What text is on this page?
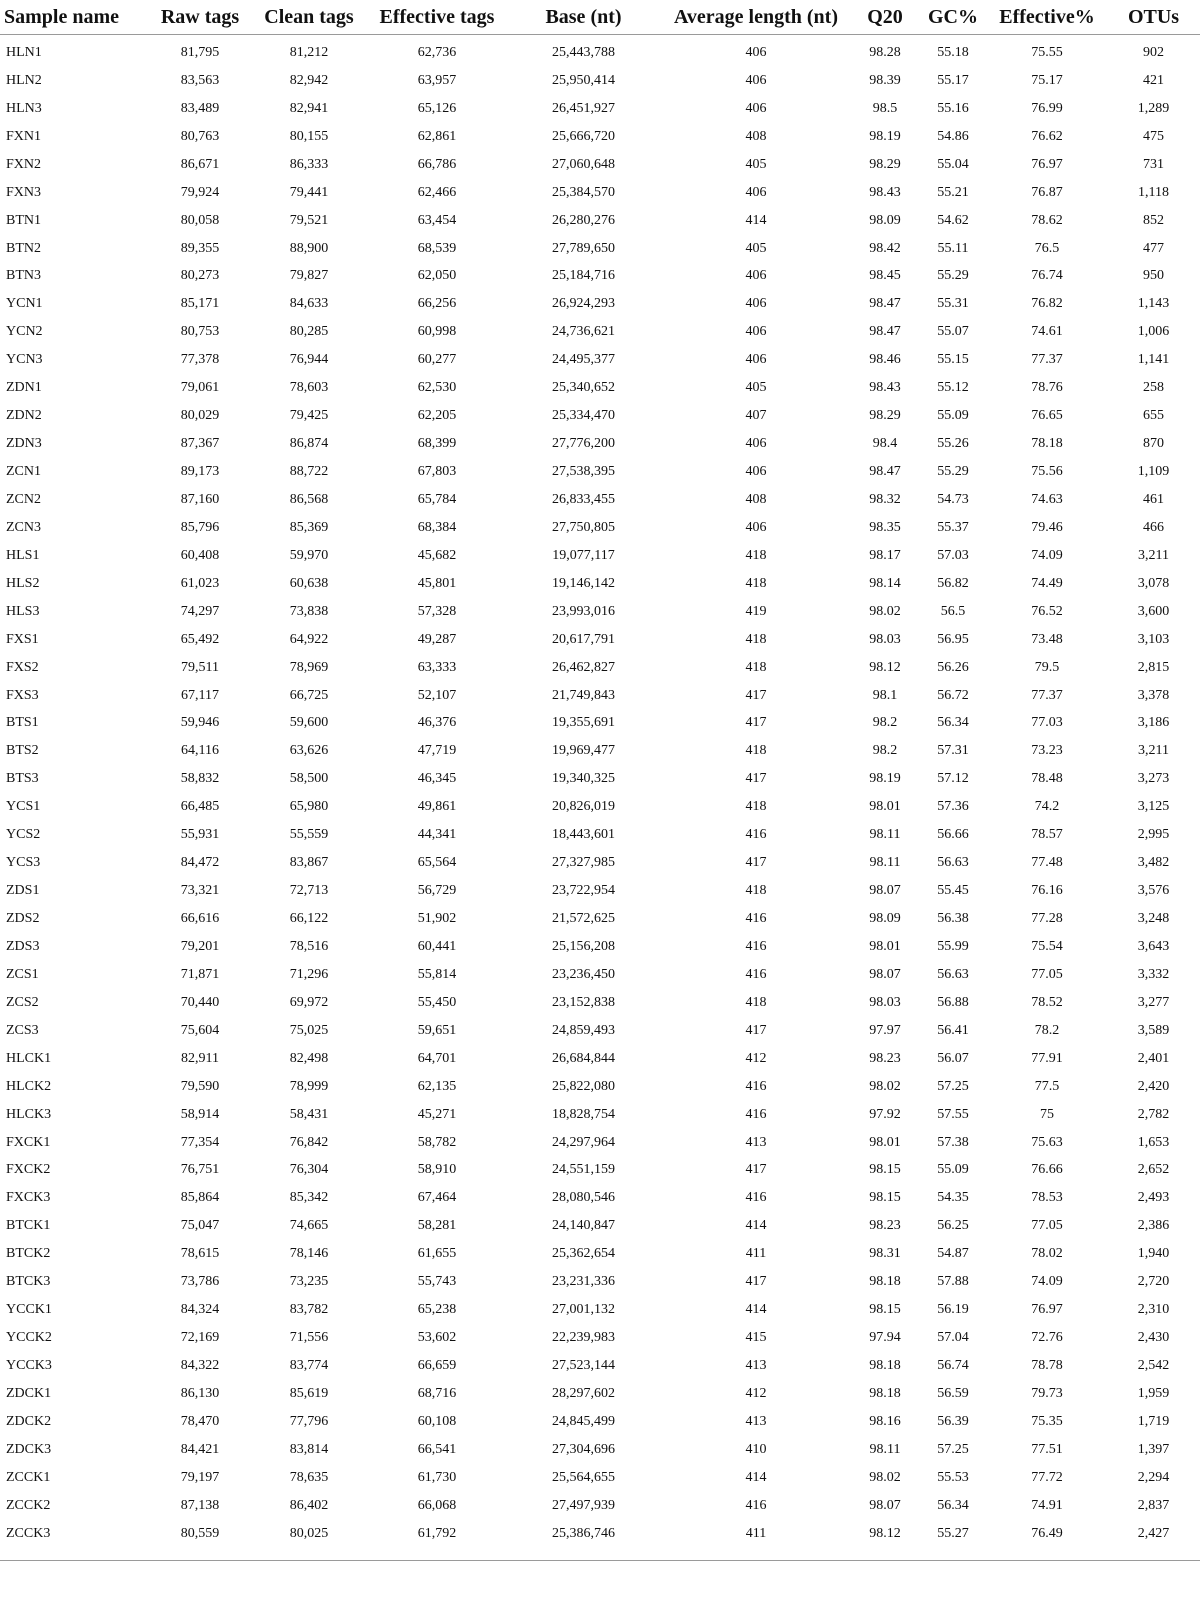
Sample name	Raw tags	Clean tags	Effective tags	Base (nt)	Average length (nt)	Q20	GC%	Effective%	OTUs
HLN1	81,795	81,212	62,736	25,443,788	406	98.28	55.18	75.55	902
HLN2	83,563	82,942	63,957	25,950,414	406	98.39	55.17	75.17	421
HLN3	83,489	82,941	65,126	26,451,927	406	98.5	55.16	76.99	1,289
FXN1	80,763	80,155	62,861	25,666,720	408	98.19	54.86	76.62	475
FXN2	86,671	86,333	66,786	27,060,648	405	98.29	55.04	76.97	731
FXN3	79,924	79,441	62,466	25,384,570	406	98.43	55.21	76.87	1,118
BTN1	80,058	79,521	63,454	26,280,276	414	98.09	54.62	78.62	852
BTN2	89,355	88,900	68,539	27,789,650	405	98.42	55.11	76.5	477
BTN3	80,273	79,827	62,050	25,184,716	406	98.45	55.29	76.74	950
YCN1	85,171	84,633	66,256	26,924,293	406	98.47	55.31	76.82	1,143
YCN2	80,753	80,285	60,998	24,736,621	406	98.47	55.07	74.61	1,006
YCN3	77,378	76,944	60,277	24,495,377	406	98.46	55.15	77.37	1,141
ZDN1	79,061	78,603	62,530	25,340,652	405	98.43	55.12	78.76	258
ZDN2	80,029	79,425	62,205	25,334,470	407	98.29	55.09	76.65	655
ZDN3	87,367	86,874	68,399	27,776,200	406	98.4	55.26	78.18	870
ZCN1	89,173	88,722	67,803	27,538,395	406	98.47	55.29	75.56	1,109
ZCN2	87,160	86,568	65,784	26,833,455	408	98.32	54.73	74.63	461
ZCN3	85,796	85,369	68,384	27,750,805	406	98.35	55.37	79.46	466
HLS1	60,408	59,970	45,682	19,077,117	418	98.17	57.03	74.09	3,211
HLS2	61,023	60,638	45,801	19,146,142	418	98.14	56.82	74.49	3,078
HLS3	74,297	73,838	57,328	23,993,016	419	98.02	56.5	76.52	3,600
FXS1	65,492	64,922	49,287	20,617,791	418	98.03	56.95	73.48	3,103
FXS2	79,511	78,969	63,333	26,462,827	418	98.12	56.26	79.5	2,815
FXS3	67,117	66,725	52,107	21,749,843	417	98.1	56.72	77.37	3,378
BTS1	59,946	59,600	46,376	19,355,691	417	98.2	56.34	77.03	3,186
BTS2	64,116	63,626	47,719	19,969,477	418	98.2	57.31	73.23	3,211
BTS3	58,832	58,500	46,345	19,340,325	417	98.19	57.12	78.48	3,273
YCS1	66,485	65,980	49,861	20,826,019	418	98.01	57.36	74.2	3,125
YCS2	55,931	55,559	44,341	18,443,601	416	98.11	56.66	78.57	2,995
YCS3	84,472	83,867	65,564	27,327,985	417	98.11	56.63	77.48	3,482
ZDS1	73,321	72,713	56,729	23,722,954	418	98.07	55.45	76.16	3,576
ZDS2	66,616	66,122	51,902	21,572,625	416	98.09	56.38	77.28	3,248
ZDS3	79,201	78,516	60,441	25,156,208	416	98.01	55.99	75.54	3,643
ZCS1	71,871	71,296	55,814	23,236,450	416	98.07	56.63	77.05	3,332
ZCS2	70,440	69,972	55,450	23,152,838	418	98.03	56.88	78.52	3,277
ZCS3	75,604	75,025	59,651	24,859,493	417	97.97	56.41	78.2	3,589
HLCK1	82,911	82,498	64,701	26,684,844	412	98.23	56.07	77.91	2,401
HLCK2	79,590	78,999	62,135	25,822,080	416	98.02	57.25	77.5	2,420
HLCK3	58,914	58,431	45,271	18,828,754	416	97.92	57.55	75	2,782
FXCK1	77,354	76,842	58,782	24,297,964	413	98.01	57.38	75.63	1,653
FXCK2	76,751	76,304	58,910	24,551,159	417	98.15	55.09	76.66	2,652
FXCK3	85,864	85,342	67,464	28,080,546	416	98.15	54.35	78.53	2,493
BTCK1	75,047	74,665	58,281	24,140,847	414	98.23	56.25	77.05	2,386
BTCK2	78,615	78,146	61,655	25,362,654	411	98.31	54.87	78.02	1,940
BTCK3	73,786	73,235	55,743	23,231,336	417	98.18	57.88	74.09	2,720
YCCK1	84,324	83,782	65,238	27,001,132	414	98.15	56.19	76.97	2,310
YCCK2	72,169	71,556	53,602	22,239,983	415	97.94	57.04	72.76	2,430
YCCK3	84,322	83,774	66,659	27,523,144	413	98.18	56.74	78.78	2,542
ZDCK1	86,130	85,619	68,716	28,297,602	412	98.18	56.59	79.73	1,959
ZDCK2	78,470	77,796	60,108	24,845,499	413	98.16	56.39	75.35	1,719
ZDCK3	84,421	83,814	66,541	27,304,696	410	98.11	57.25	77.51	1,397
ZCCK1	79,197	78,635	61,730	25,564,655	414	98.02	55.53	77.72	2,294
ZCCK2	87,138	86,402	66,068	27,497,939	416	98.07	56.34	74.91	2,837
ZCCK3	80,559	80,025	61,792	25,386,746	411	98.12	55.27	76.49	2,427
